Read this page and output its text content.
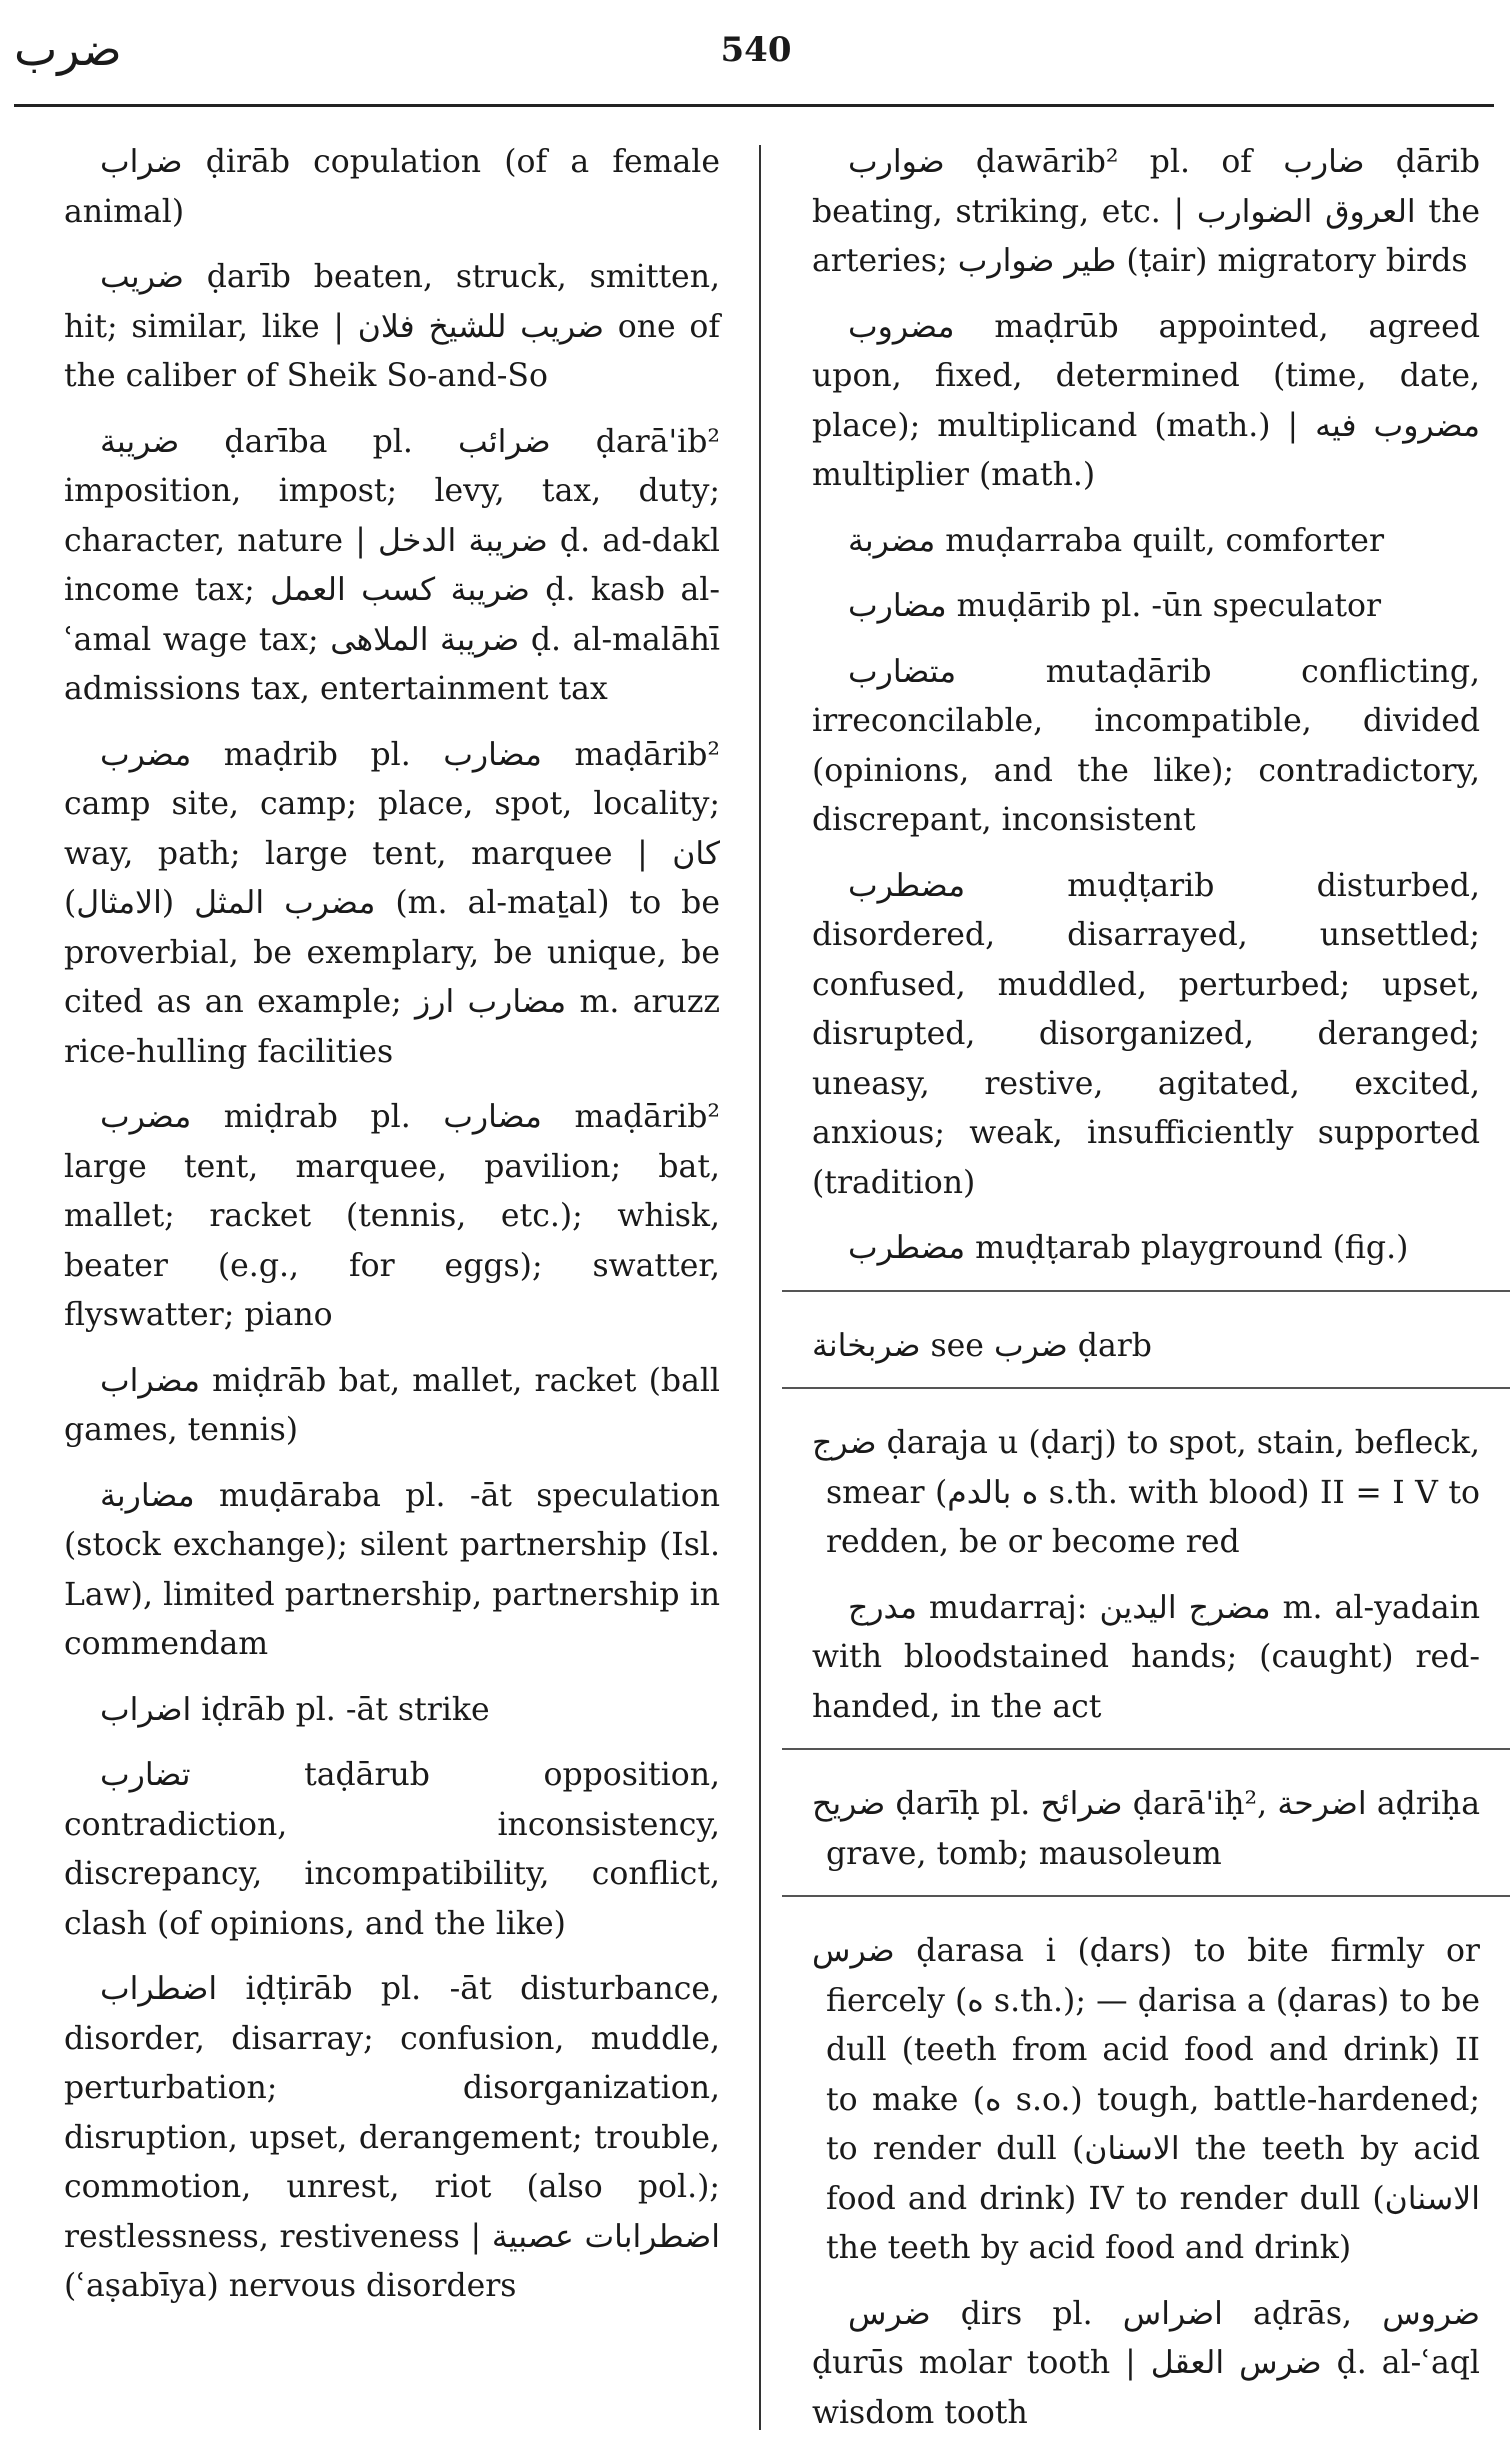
ضرب	540

ضراب ḍirāb copulation (of a female animal)

ضريب ḍarīb beaten, struck, smitten, hit; similar, like | ضريب للشيخ فلان one of the caliber of Sheik So-and-So

ضريبة ḍarība pl. ضرائب ḍarā'ib² imposition, impost; levy, tax, duty; character, nature | ضريبة الدخل ḍ. ad-dakl income tax; ضريبة كسب العمل ḍ. kasb al-ʿamal wage tax; ضريبة الملاهى ḍ. al-malāhī admissions tax, entertainment tax

مضرب maḍrib pl. مضارب maḍārib² camp site, camp; place, spot, locality; way, path; large tent, marquee | كان مضرب المثل (الامثال) (m. al-maṯal) to be proverbial, be exemplary, be unique, be cited as an example; مضارب ارز m. aruzz rice-hulling facilities

مضرب miḍrab pl. مضارب maḍārib² large tent, marquee, pavilion; bat, mallet; racket (tennis, etc.); whisk, beater (e.g., for eggs); swatter, flyswatter; piano

مضراب miḍrāb bat, mallet, racket (ball games, tennis)

مضاربة muḍāraba pl. -āt speculation (stock exchange); silent partnership (Isl. Law), limited partnership, partnership in commendam

اضراب iḍrāb pl. -āt strike

تضارب taḍārub opposition, contradiction, inconsistency, discrepancy, incompatibility, conflict, clash (of opinions, and the like)

اضطراب iḍṭirāb pl. -āt disturbance, disorder, disarray; confusion, muddle, perturbation; disorganization, disruption, upset, derangement; trouble, commotion, unrest, riot (also pol.); restlessness, restiveness | اضطرابات عصبية (ʿaṣabīya) nervous disorders

ضوارب ḍawārib² pl. of ضارب ḍārib beating, striking, etc. | العروق الضوارب the arteries; طير ضوارب (ṭair) migratory birds

مضروب maḍrūb appointed, agreed upon, fixed, determined (time, date, place); multiplicand (math.) | مضروب فيه multiplier (math.)

مضربة muḍarraba quilt, comforter

مضارب muḍārib pl. -ūn speculator

متضارب mutaḍārib conflicting, irreconcilable, incompatible, divided (opinions, and the like); contradictory, discrepant, inconsistent

مضطرب muḍṭarib disturbed, disordered, disarrayed, unsettled; confused, muddled, perturbed; upset, disrupted, disorganized, deranged; uneasy, restive, agitated, excited, anxious; weak, insufficiently supported (tradition)

مضطرب muḍṭarab playground (fig.)

ضربخانة see ضرب ḍarb

ضرج ḍaraja u (ḍarj) to spot, stain, befleck, smear (ه بالدم s.th. with blood) II = I V to redden, be or become red

مدرج mudarraj: مضرج اليدين m. al-yadain with bloodstained hands; (caught) red-handed, in the act

ضريح ḍarīḥ pl. ضرائح ḍarā'iḥ², اضرحة aḍriḥa grave, tomb; mausoleum

ضرس ḍarasa i (ḍars) to bite firmly or fiercely (ه s.th.); — ḍarisa a (ḍaras) to be dull (teeth from acid food and drink) II to make (ه s.o.) tough, battle-hardened; to render dull (الاسنان the teeth by acid food and drink) IV to render dull (الاسنان the teeth by acid food and drink)

ضرس ḍirs pl. اضراس aḍrās, ضروس ḍurūs molar tooth | ضرس العقل ḍ. al-ʿaql wisdom tooth
